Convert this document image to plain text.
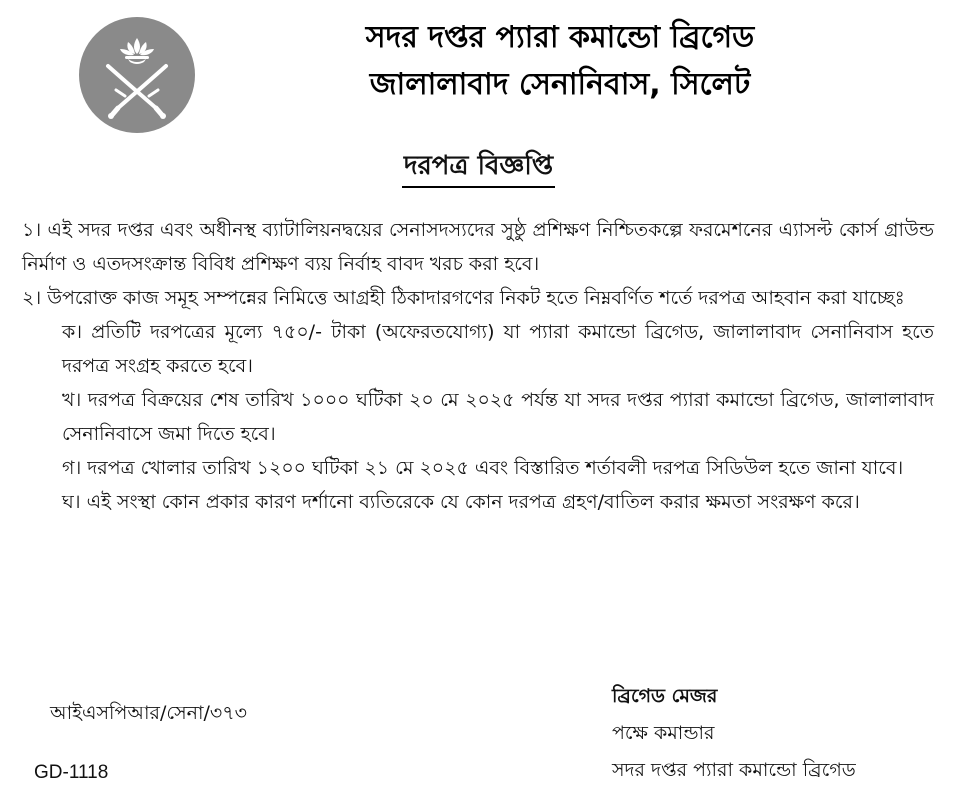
সদর দপ্তর প্যারা কমান্ডো ব্রিগেড
জালালাবাদ সেনানিবাস, সিলেট
দরপত্র বিজ্ঞপ্তি

১। এই সদর দপ্তর এবং অধীনস্থ ব্যাটালিয়নদ্বয়ের সেনাসদস্যদের সুষ্ঠু প্রশিক্ষণ নিশ্চিতকল্পে ফরমেশনের এ্যাসল্ট কোর্স গ্রাউন্ড নির্মাণ ও এতদসংক্রান্ত বিবিধ প্রশিক্ষণ ব্যয় নির্বাহ বাবদ খরচ করা হবে।

২। উপরোক্ত কাজ সমূহ সম্পন্নের নিমিত্তে আগ্রহী ঠিকাদারগণের নিকট হতে নিম্নবর্ণিত শর্তে দরপত্র আহবান করা যাচ্ছেঃ

ক। প্রতিটি দরপত্রের মূল্যে ৭৫০/- টাকা (অফেরতযোগ্য) যা প্যারা কমান্ডো ব্রিগেড, জালালাবাদ সেনানিবাস হতে দরপত্র সংগ্রহ করতে হবে।

খ। দরপত্র বিক্রয়ের শেষ তারিখ ১০০০ ঘটিকা ২০ মে ২০২৫ পর্যন্ত যা সদর দপ্তর প্যারা কমান্ডো ব্রিগেড, জালালাবাদ সেনানিবাসে জমা দিতে হবে।

গ। দরপত্র খোলার তারিখ ১২০০ ঘটিকা ২১ মে ২০২৫ এবং বিস্তারিত শর্তাবলী দরপত্র সিডিউল হতে জানা যাবে।

ঘ। এই সংস্থা কোন প্রকার কারণ দর্শানো ব্যতিরেকে যে কোন দরপত্র গ্রহণ/বাতিল করার ক্ষমতা সংরক্ষণ করে।

আইএসপিআর/সেনা/৩৭৩
GD-1118
ব্রিগেড মেজর
পক্ষে কমান্ডার
সদর দপ্তর প্যারা কমান্ডো ব্রিগেড
